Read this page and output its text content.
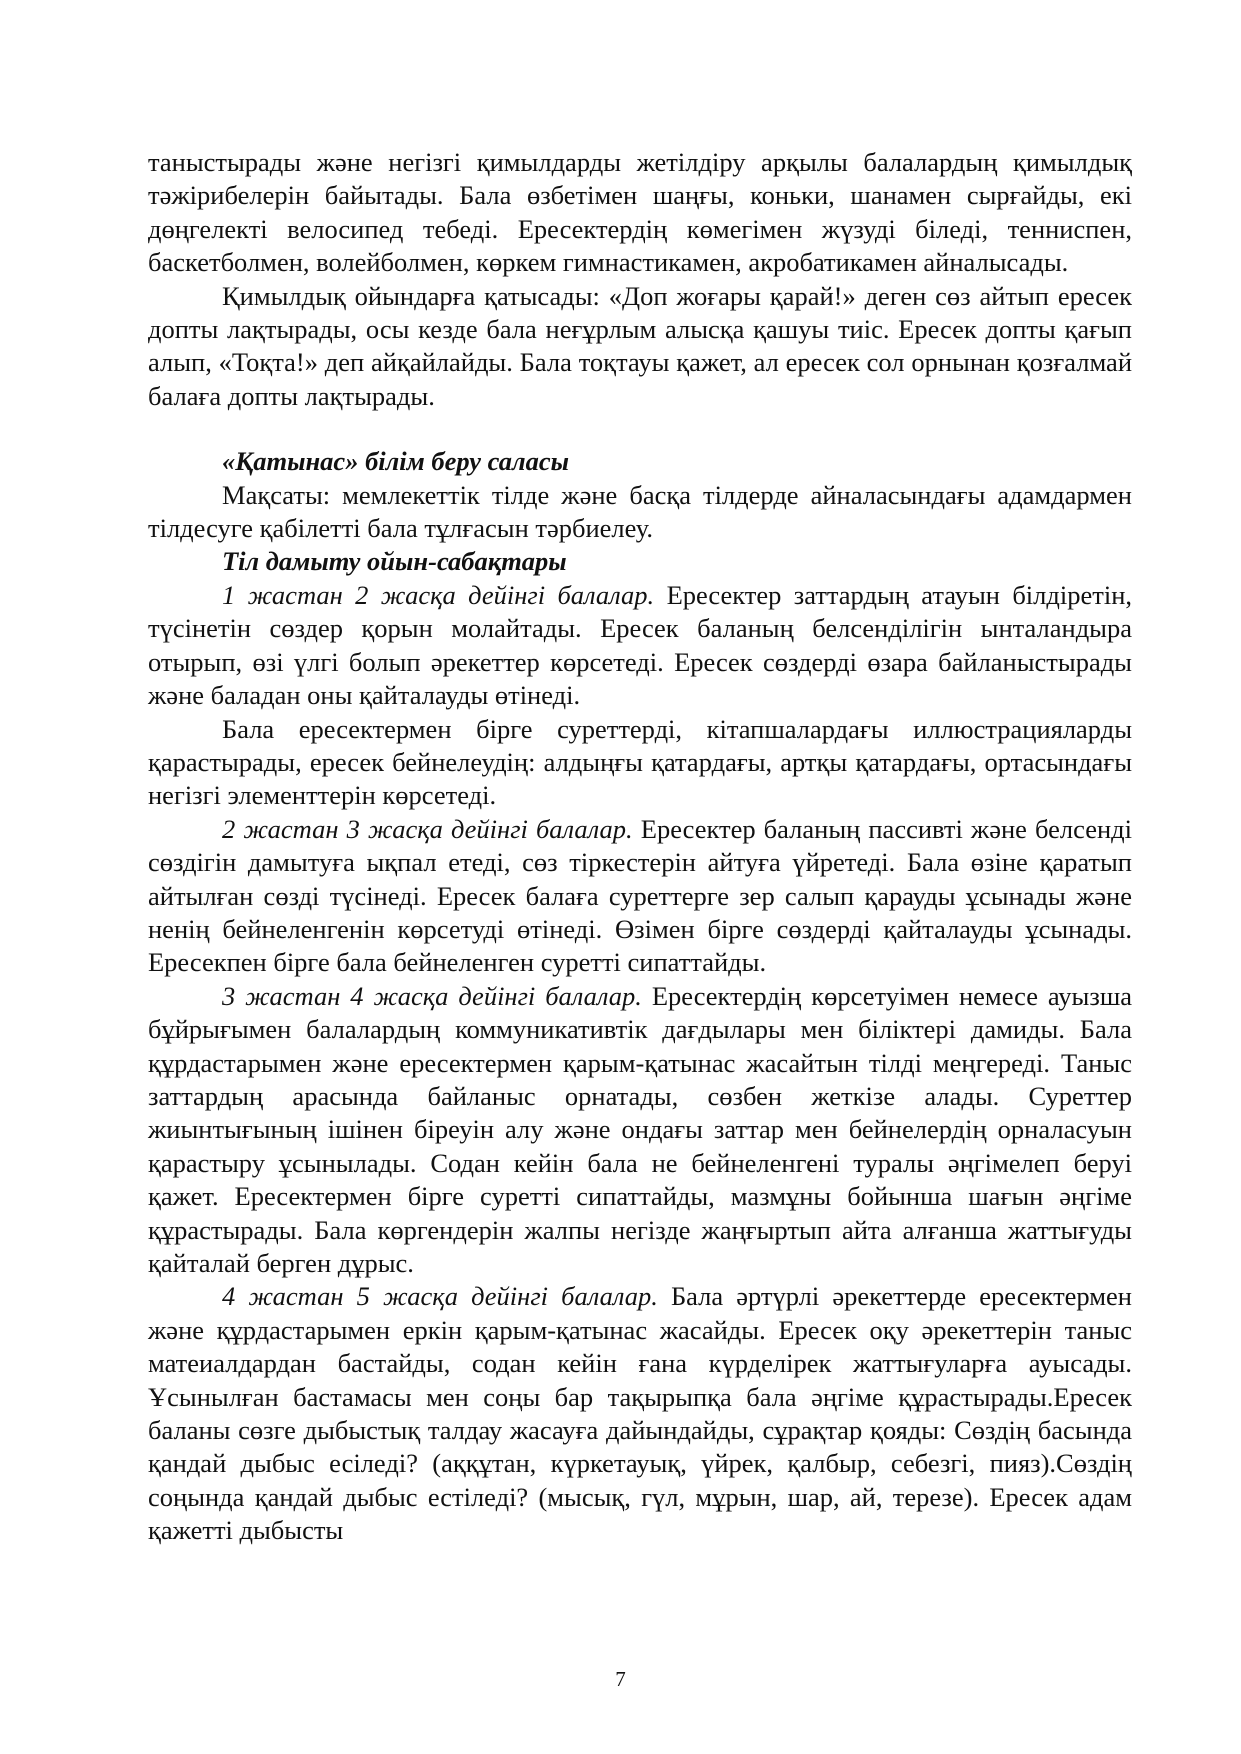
таныстырады және негізгі қимылдарды жетілдіру арқылы балалардың қимылдық тәжірибелерін байытады. Бала өзбетімен шаңғы, коньки, шанамен сырғайды, екі дөңгелекті велосипед тебеді. Ересектердің көмегімен жүзуді біледі, тенниспен, баскетболмен, волейболмен, көркем гимнастикамен, акробатикамен айналысады.

Қимылдық ойындарға қатысады: «Доп жоғары қарай!» деген сөз айтып ересек допты лақтырады, осы кезде бала неғұрлым алысқа қашуы тиіс. Ересек допты қағып алып, «Тоқта!» деп айқайлайды. Бала тоқтауы қажет, ал ересек сол орнынан қозғалмай балаға допты лақтырады.

«Қатынас» білім беру саласы

Мақсаты: мемлекеттік тілде және басқа тілдерде айналасындағы адамдармен тілдесуге қабілетті бала тұлғасын тәрбиелеу.

Тіл дамыту ойын-сабақтары

1 жастан 2 жасқа дейінгі балалар. Ересектер заттардың атауын білдіретін, түсінетін сөздер қорын молайтады. Ересек баланың белсенділігін ынталандыра отырып, өзі үлгі болып әрекеттер көрсетеді. Ересек сөздерді өзара байланыстырады және баладан оны қайталауды өтінеді.

Бала ересектермен бірге суреттерді, кітапшалардағы иллюстрацияларды қарастырады, ересек бейнелеудің: алдыңғы қатардағы, артқы қатардағы, ортасындағы негізгі элементтерін көрсетеді.

2 жастан 3 жасқа дейінгі балалар. Ересектер баланың пассивті және белсенді сөздігін дамытуға ықпал етеді, сөз тіркестерін айтуға үйретеді. Бала өзіне қаратып айтылған сөзді түсінеді. Ересек балаға суреттерге зер салып қарауды ұсынады және ненің бейнеленгенін көрсетуді өтінеді. Өзімен бірге сөздерді қайталауды ұсынады. Ересекпен бірге бала бейнеленген суретті сипаттайды.

3 жастан 4 жасқа дейінгі балалар. Ересектердің көрсетуімен немесе ауызша бұйрығымен балалардың коммуникативтік дағдылары мен біліктері дамиды. Бала құрдастарымен және ересектермен қарым-қатынас жасайтын тілді меңгереді. Таныс заттардың арасында байланыс орнатады, сөзбен жеткізе алады. Суреттер жиынтығының ішінен біреуін алу және ондағы заттар мен бейнелердің орналасуын қарастыру ұсынылады. Содан кейін бала не бейнеленгені туралы әңгімелеп беруі қажет. Ересектермен бірге суретті сипаттайды, мазмұны бойынша шағын әңгіме құрастырады. Бала көргендерін жалпы негізде жаңғыртып айта алғанша жаттығуды қайталай берген дұрыс.

4 жастан 5 жасқа дейінгі балалар. Бала әртүрлі әрекеттерде ересектермен және құрдастарымен еркін қарым-қатынас жасайды. Ересек оқу әрекеттерін таныс матеиалдардан бастайды, содан кейін ғана күрделірек жаттығуларға ауысады. Ұсынылған бастамасы мен соңы бар тақырыпқа бала әңгіме құрастырады.Ересек баланы сөзге дыбыстық талдау жасауға дайындайды, сұрақтар қояды: Сөздің басында қандай дыбыс есіледі? (аққұтан, күркетауық, үйрек, қалбыр, себезгі, пияз).Сөздің соңында қандай дыбыс естіледі? (мысық, гүл, мұрын, шар, ай, терезе). Ересек адам қажетті дыбысты

7
